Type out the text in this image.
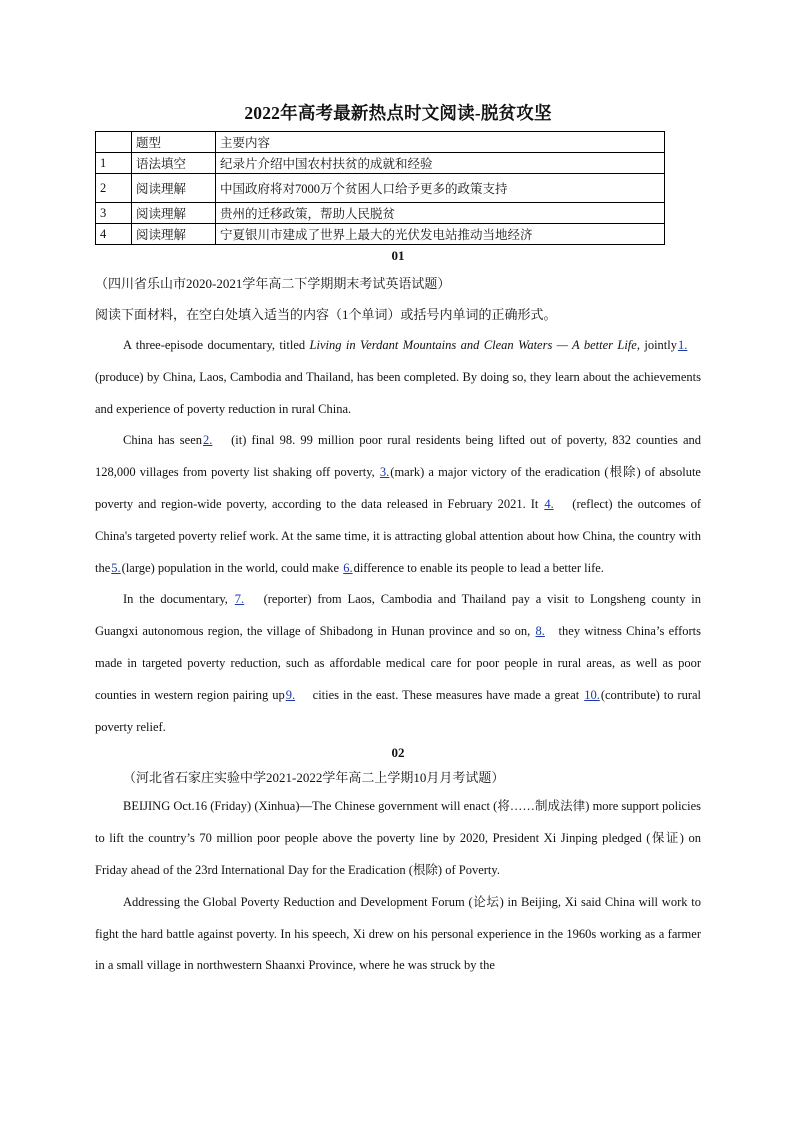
2022年高考最新热点时文阅读-脱贫攻坚
	题型	主要内容
1	语法填空	纪录片介绍中国农村扶贫的成就和经验
2	阅读理解	中国政府将对7000万个贫困人口给予更多的政策支持
3	阅读理解	贵州的迁移政策，帮助人民脱贫
4	阅读理解	宁夏银川市建成了世界上最大的光伏发电站推动当地经济
01

（四川省乐山市2020-2021学年高二下学期期末考试英语试题）

阅读下面材料，在空白处填入适当的内容（1个单词）或括号内单词的正确形式。

A three-episode documentary, titled Living in Verdant Mountains and Clean Waters — A better Life, jointly1. (produce) by China, Laos, Cambodia and Thailand, has been completed. By doing so, they learn about the achievements and experience of poverty reduction in rural China.

China has seen2. (it) final 98. 99 million poor rural residents being lifted out of poverty, 832 counties and 128,000 villages from poverty list shaking off poverty, 3.(mark) a major victory of the eradication (根除) of absolute poverty and region-wide poverty, according to the data released in February 2021. It 4. (reflect) the outcomes of China's targeted poverty relief work. At the same time, it is attracting global attention about how China, the country with the5.(large) population in the world, could make 6.difference to enable its people to lead a better life.

In the documentary, 7. (reporter) from Laos, Cambodia and Thailand pay a visit to Longsheng county in Guangxi autonomous region, the village of Shibadong in Hunan province and so on, 8. they witness China’s efforts made in targeted poverty reduction, such as affordable medical care for poor people in rural areas, as well as poor counties in western region pairing up9. cities in the east. These measures have made a great 10.(contribute) to rural poverty relief.

02

（河北省石家庄实验中学2021-2022学年高二上学期10月月考试题）

BEIJING Oct.16 (Friday) (Xinhua)—The Chinese government will enact (将……制成法律) more support policies to lift the country’s 70 million poor people above the poverty line by 2020, President Xi Jinping pledged (保证) on Friday ahead of the 23rd International Day for the Eradication (根除) of Poverty.

Addressing the Global Poverty Reduction and Development Forum (论坛) in Beijing, Xi said China will work to fight the hard battle against poverty. In his speech, Xi drew on his personal experience in the 1960s working as a farmer in a small village in northwestern Shaanxi Province, where he was struck by the
